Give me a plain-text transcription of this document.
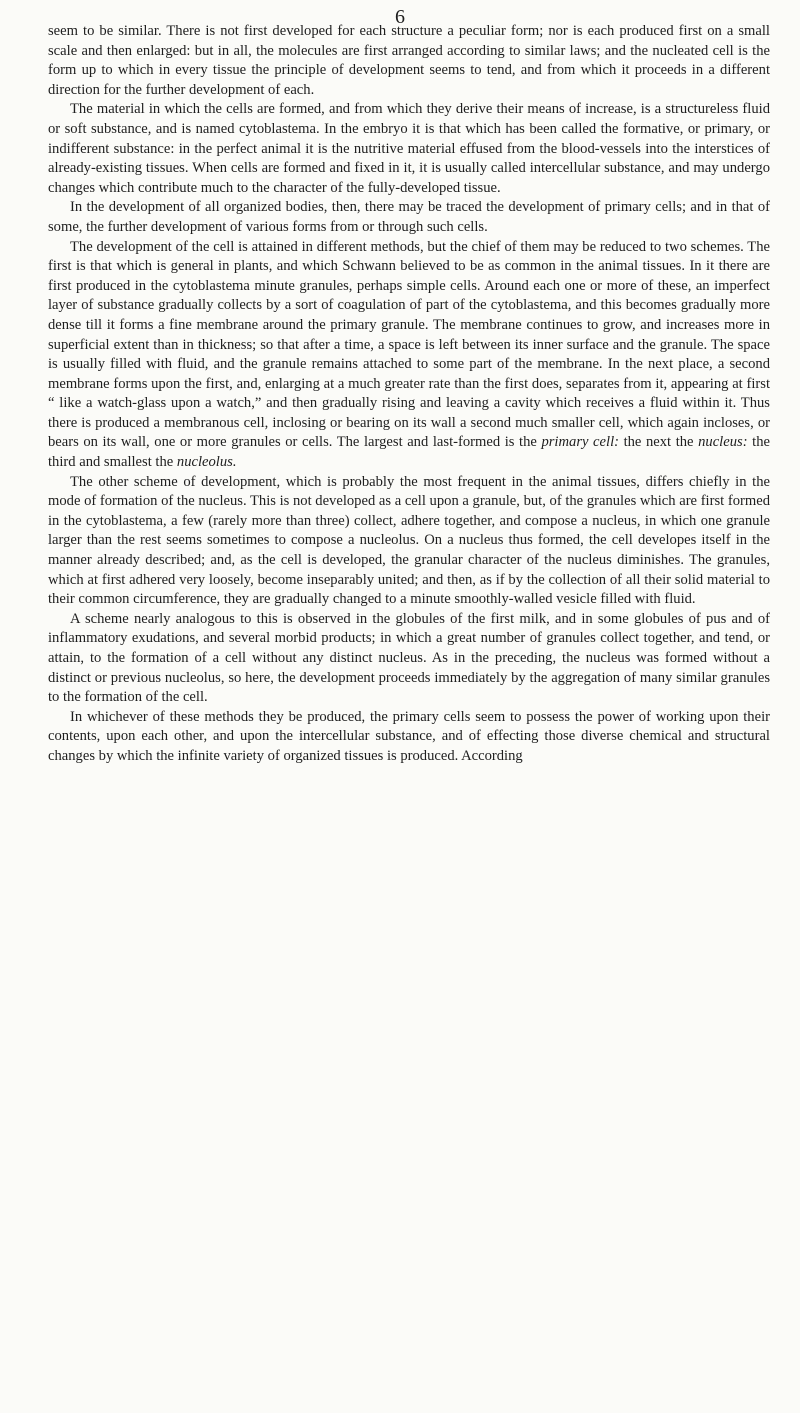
6

seem to be similar. There is not first developed for each structure a peculiar form; nor is each produced first on a small scale and then enlarged: but in all, the molecules are first arranged according to similar laws; and the nucleated cell is the form up to which in every tissue the principle of development seems to tend, and from which it proceeds in a different direction for the further development of each.

The material in which the cells are formed, and from which they derive their means of increase, is a structureless fluid or soft substance, and is named cytoblastema. In the embryo it is that which has been called the formative, or primary, or indifferent substance: in the perfect animal it is the nutritive material effused from the blood-vessels into the interstices of already-existing tissues. When cells are formed and fixed in it, it is usually called intercellular substance, and may undergo changes which contribute much to the character of the fully-developed tissue.

In the development of all organized bodies, then, there may be traced the development of primary cells; and in that of some, the further development of various forms from or through such cells.

The development of the cell is attained in different methods, but the chief of them may be reduced to two schemes. The first is that which is general in plants, and which Schwann believed to be as common in the animal tissues. In it there are first produced in the cytoblastema minute granules, perhaps simple cells. Around each one or more of these, an imperfect layer of substance gradually collects by a sort of coagulation of part of the cytoblastema, and this becomes gradually more dense till it forms a fine membrane around the primary granule. The membrane continues to grow, and increases more in superficial extent than in thickness; so that after a time, a space is left between its inner surface and the granule. The space is usually filled with fluid, and the granule remains attached to some part of the membrane. In the next place, a second membrane forms upon the first, and, enlarging at a much greater rate than the first does, separates from it, appearing at first “ like a watch-glass upon a watch,” and then gradually rising and leaving a cavity which receives a fluid within it. Thus there is produced a membranous cell, inclosing or bearing on its wall a second much smaller cell, which again incloses, or bears on its wall, one or more granules or cells. The largest and last-formed is the primary cell: the next the nucleus: the third and smallest the nucleolus.

The other scheme of development, which is probably the most frequent in the animal tissues, differs chiefly in the mode of formation of the nucleus. This is not developed as a cell upon a granule, but, of the granules which are first formed in the cytoblastema, a few (rarely more than three) collect, adhere together, and compose a nucleus, in which one granule larger than the rest seems sometimes to compose a nucleolus. On a nucleus thus formed, the cell developes itself in the manner already described; and, as the cell is developed, the granular character of the nucleus diminishes. The granules, which at first adhered very loosely, become inseparably united; and then, as if by the collection of all their solid material to their common circumference, they are gradually changed to a minute smoothly-walled vesicle filled with fluid.

A scheme nearly analogous to this is observed in the globules of the first milk, and in some globules of pus and of inflammatory exudations, and several morbid products; in which a great number of granules collect together, and tend, or attain, to the formation of a cell without any distinct nucleus. As in the preceding, the nucleus was formed without a distinct or previous nucleolus, so here, the development proceeds immediately by the aggregation of many similar granules to the formation of the cell.

In whichever of these methods they be produced, the primary cells seem to possess the power of working upon their contents, upon each other, and upon the intercellular substance, and of effecting those diverse chemical and structural changes by which the infinite variety of organized tissues is produced. According
